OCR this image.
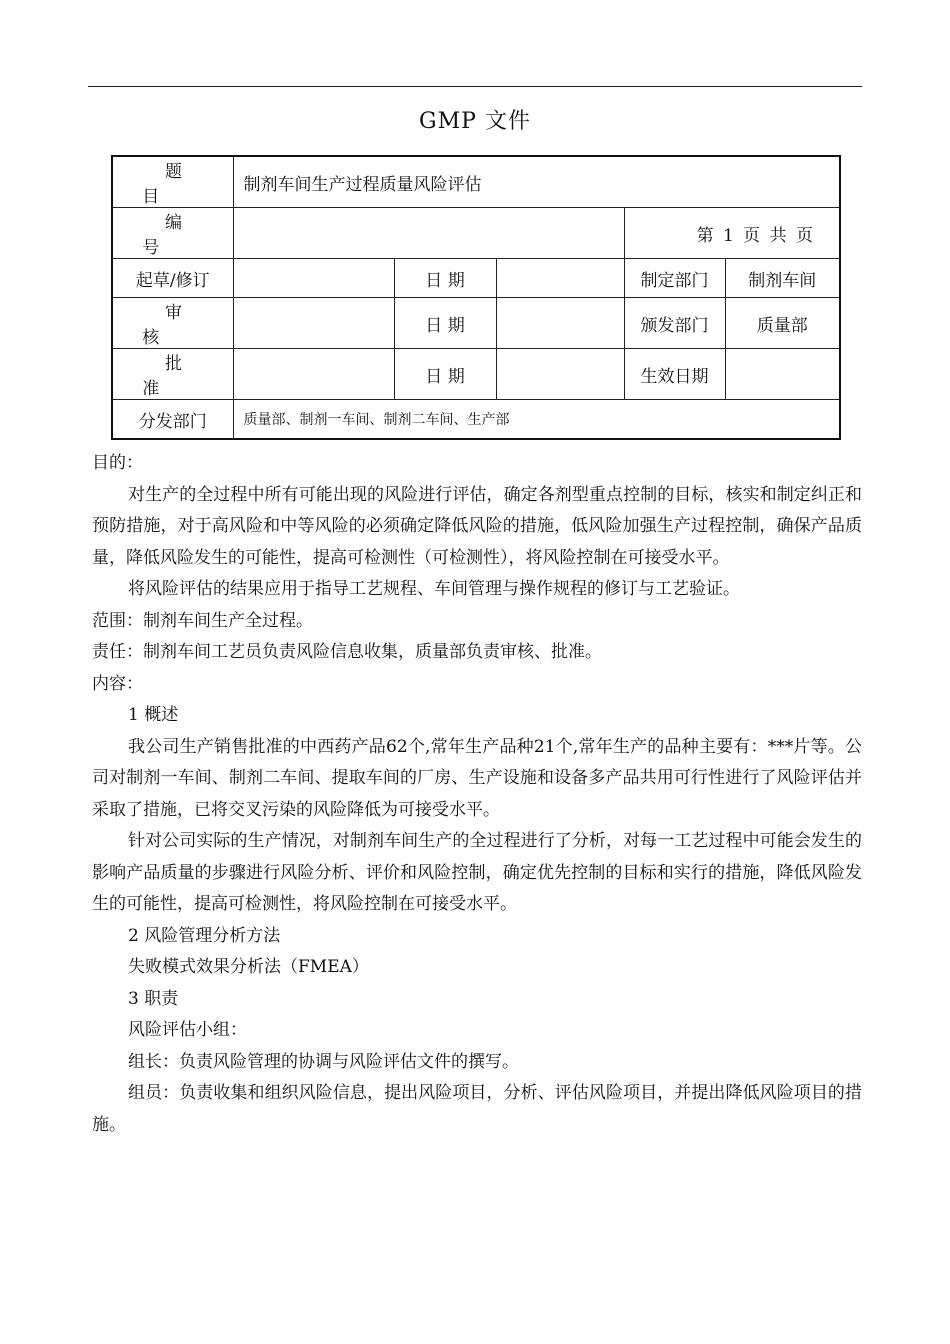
GMP 文件
题目	制剂车间生产过程质量风险评估				
编号				第 1 页 共 页	
起草/修订		日 期		制定部门	制剂车间
审核		日 期		颁发部门	质量部
批准		日 期		生效日期	
分发部门	质量部、制剂一车间、制剂二车间、生产部				

目的：

对生产的全过程中所有可能出现的风险进行评估，确定各剂型重点控制的目标，核实和制定纠正和预防措施，对于高风险和中等风险的必须确定降低风险的措施，低风险加强生产过程控制，确保产品质量，降低风险发生的可能性，提高可检测性（可检测性），将风险控制在可接受水平。

将风险评估的结果应用于指导工艺规程、车间管理与操作规程的修订与工艺验证。

范围：制剂车间生产全过程。

责任：制剂车间工艺员负责风险信息收集，质量部负责审核、批准。

内容：

1 概述

我公司生产销售批准的中西药产品62个,常年生产品种21个,常年生产的品种主要有：***片等。公司对制剂一车间、制剂二车间、提取车间的厂房、生产设施和设备多产品共用可行性进行了风险评估并采取了措施，已将交叉污染的风险降低为可接受水平。

针对公司实际的生产情况，对制剂车间生产的全过程进行了分析，对每一工艺过程中可能会发生的影响产品质量的步骤进行风险分析、评价和风险控制，确定优先控制的目标和实行的措施，降低风险发生的可能性，提高可检测性，将风险控制在可接受水平。

2 风险管理分析方法

失败模式效果分析法（FMEA）

3 职责

风险评估小组：

组长：负责风险管理的协调与风险评估文件的撰写。

组员：负责收集和组织风险信息，提出风险项目，分析、评估风险项目，并提出降低风险项目的措施。
